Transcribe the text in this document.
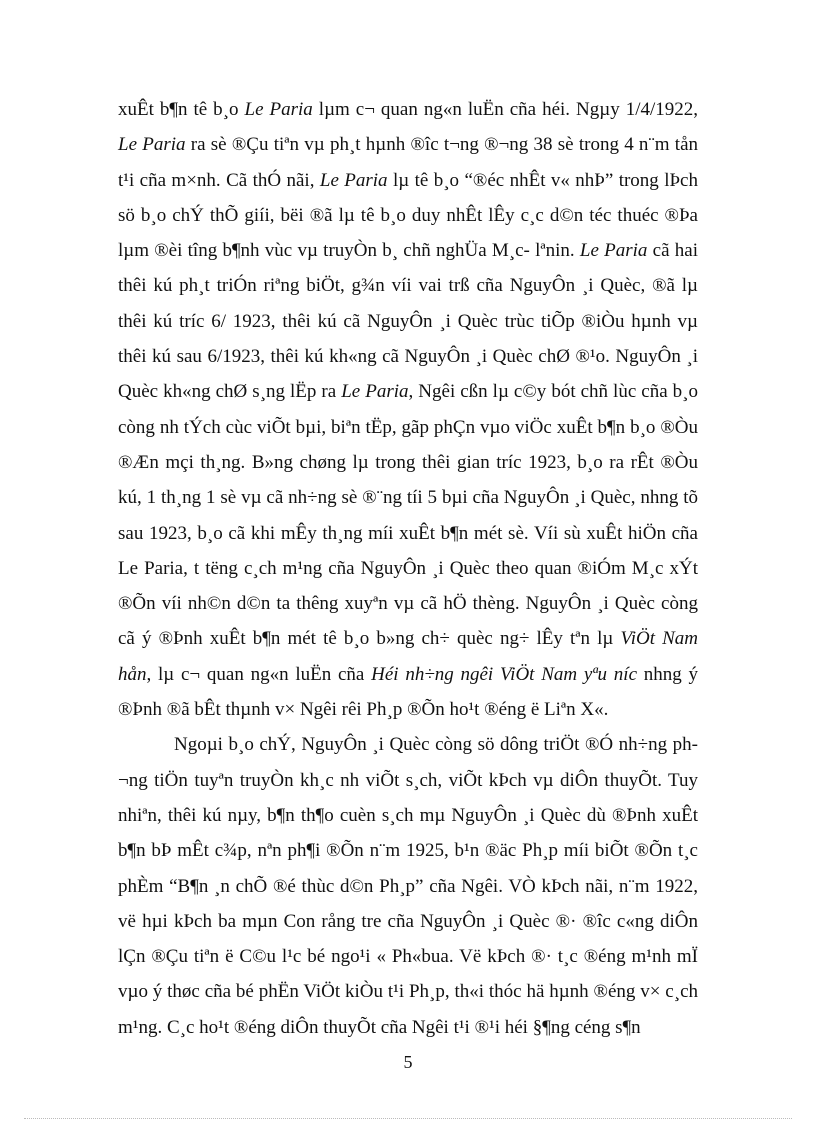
xuÊt b¶n tê b¸o Le Paria lµm c¬ quan ng«n luËn cña héi. Ngµy 1/4/1922, Le Paria ra sè ®Çu tiªn vµ ph¸t hµnh ®îc t¬ng ®¬ng 38 sè trong 4 n¨m tån t¹i cña m×nh. Cã thÓ nãi, Le Paria lµ tê b¸o “®éc nhÊt v« nhÞ” trong lÞch sö b¸o chÝ thÕ giíi, bëi ®ã lµ tê b¸o duy nhÊt lÊy c¸c d©n téc thuéc ®Þa lµm ®èi tîng b¶nh vùc vµ truyÒn b¸ chñ nghÜa M¸c- lªnin. Le Paria cã hai thêi kú ph¸t triÓn riªng biÖt, g¾n víi vai trß cña NguyÔn ¸i Quèc, ®ã lµ thêi kú tríc 6/ 1923, thêi kú cã NguyÔn ¸i Quèc trùc tiÕp ®iÒu hµnh vµ thêi kú sau 6/1923, thêi kú kh«ng cã NguyÔn ¸i Quèc chØ ®¹o. NguyÔn ¸i Quèc kh«ng chØ s¸ng lËp ra Le Paria, Ngêi cßn lµ c©y bót chñ lùc cña b¸o còng nh tÝch cùc viÕt bµi, biªn tËp, gãp phÇn vµo viÖc xuÊt b¶n b¸o ®Òu ®Æn mçi th¸ng. B»ng chøng lµ trong thêi gian tríc 1923, b¸o ra rÊt ®Òu kú, 1 th¸ng 1 sè vµ cã nh÷ng sè ®¨ng tíi 5 bµi cña NguyÔn ¸i Quèc, nhng tõ sau 1923, b¸o cã khi mÊy th¸ng míi xuÊt b¶n mét sè. Víi sù xuÊt hiÖn cña Le Paria, t tëng c¸ch m¹ng cña NguyÔn ¸i Quèc theo quan ®iÓm M¸c xÝt ®Õn víi nh©n d©n ta thêng xuyªn vµ cã hÖ thèng. NguyÔn ¸i Quèc còng cã ý ®Þnh xuÊt b¶n mét tê b¸o b»ng ch÷ quèc ng÷ lÊy tªn lµ ViÖt Nam hån, lµ c¬ quan ng«n luËn cña Héi nh÷ng ngêi ViÖt Nam yªu níc nhng ý ®Þnh ®ã bÊt thµnh v× Ngêi rêi Ph¸p ®Õn ho¹t ®éng ë Liªn X«.

Ngoµi b¸o chÝ, NguyÔn ¸i Quèc còng sö dông triÖt ®Ó nh÷ng ph¬ng tiÖn tuyªn truyÒn kh¸c nh viÕt s¸ch, viÕt kÞch vµ diÔn thuyÕt. Tuy nhiªn, thêi kú nµy, b¶n th¶o cuèn s¸ch mµ NguyÔn ¸i Quèc dù ®Þnh xuÊt b¶n bÞ mÊt c¾p, nªn ph¶i ®Õn n¨m 1925, b¹n ®äc Ph¸p míi biÕt ®Õn t¸c phÈm “B¶n ¸n chÕ ®é thùc d©n Ph¸p” cña Ngêi. VÒ kÞch nãi, n¨m 1922, vë hµi kÞch ba mµn Con rång tre cña NguyÔn ¸i Quèc ®· ®îc c«ng diÔn lÇn ®Çu tiªn ë C©u l¹c bé ngo¹i « Ph«bua. Vë kÞch ®· t¸c ®éng m¹nh mÏ vµo ý thøc cña bé phËn ViÖt kiÒu t¹i Ph¸p, th«i thóc hä hµnh ®éng v× c¸ch m¹ng. C¸c ho¹t ®éng diÔn thuyÕt cña Ngêi t¹i ®¹i héi §¶ng céng s¶n

5
